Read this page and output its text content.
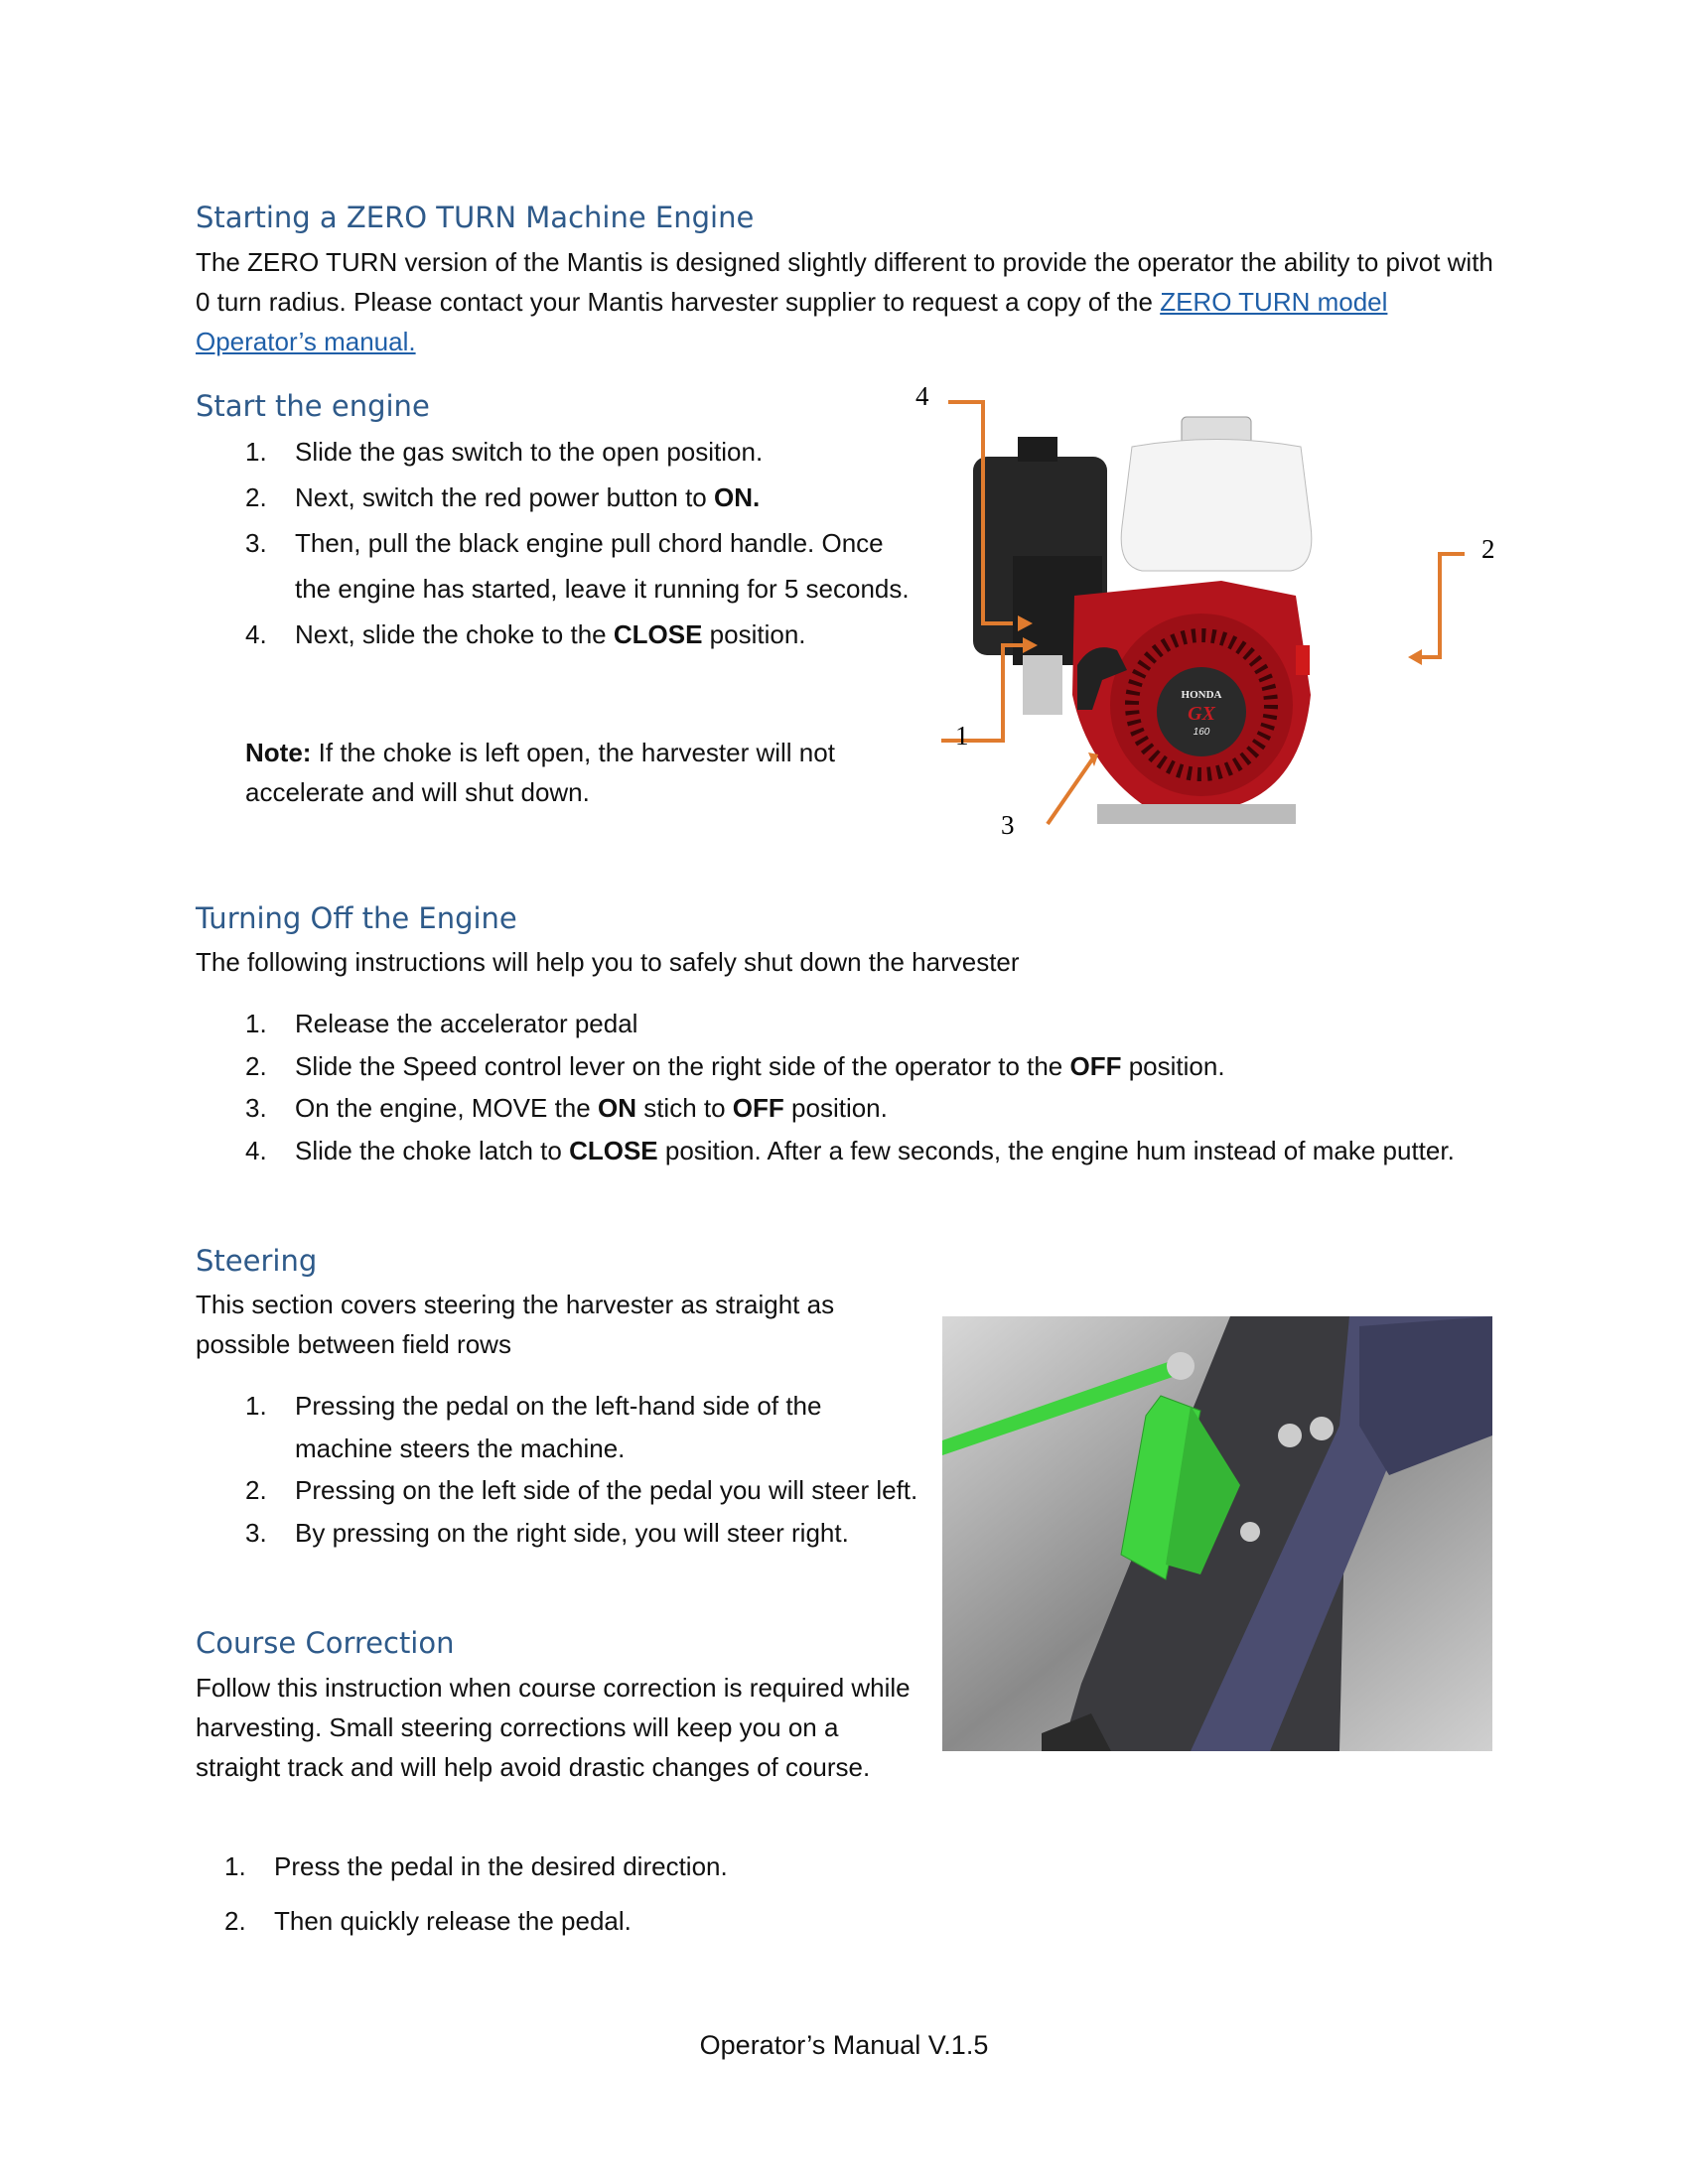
Starting a ZERO TURN Machine Engine
The ZERO TURN version of the Mantis is designed slightly different to provide the operator the ability to pivot with 0 turn radius. Please contact your Mantis harvester supplier to request a copy of the ZERO TURN model Operator’s manual.
Start the engine
1. Slide the gas switch to the open position.
2. Next, switch the red power button to ON.
3. Then, pull the black engine pull chord handle. Once the engine has started, leave it running for 5 seconds.
4. Next, slide the choke to the CLOSE position.
Note: If the choke is left open, the harvester will not accelerate and will shut down.
HONDA
GX
160
4
2
1
3
Turning Off the Engine
The following instructions will help you to safely shut down the harvester
1. Release the accelerator pedal
2. Slide the Speed control lever on the right side of the operator to the OFF position.
3. On the engine, MOVE the ON stich to OFF position.
4. Slide the choke latch to CLOSE position. After a few seconds, the engine hum instead of make putter.
Steering
This section covers steering the harvester as straight as possible between field rows
1. Pressing the pedal on the left-hand side of the machine steers the machine.
2. Pressing on the left side of the pedal you will steer left.
3. By pressing on the right side, you will steer right.
Course Correction
Follow this instruction when course correction is required while harvesting. Small steering corrections will keep you on a straight track and will help avoid drastic changes of course.
1. Press the pedal in the desired direction.
2. Then quickly release the pedal.
Operator’s Manual V.1.5
